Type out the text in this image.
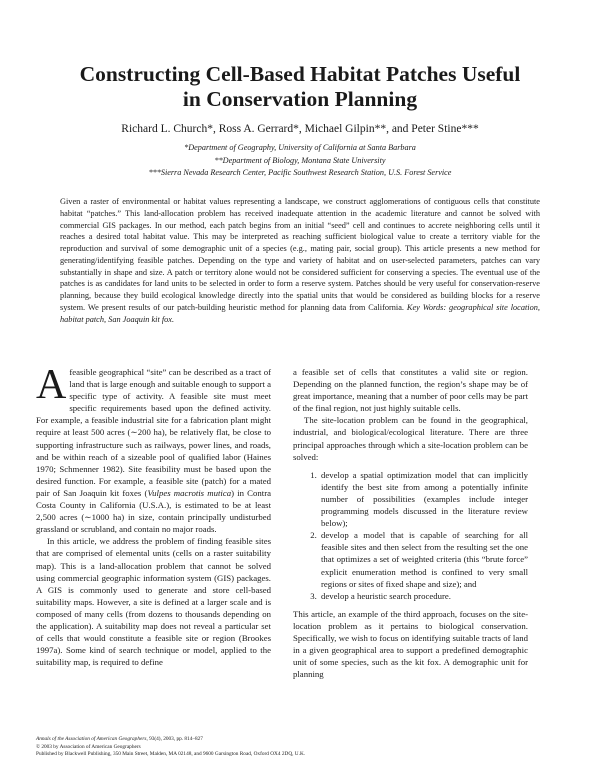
Constructing Cell-Based Habitat Patches Useful
in Conservation Planning

Richard L. Church*, Ross A. Gerrard*, Michael Gilpin**, and Peter Stine***

*Department of Geography, University of California at Santa Barbara
**Department of Biology, Montana State University
***Sierra Nevada Research Center, Pacific Southwest Research Station, U.S. Forest Service

Given a raster of environmental or habitat values representing a landscape, we construct agglomerations of contiguous cells that constitute habitat “patches.” This land-allocation problem has received inadequate attention in the academic literature and cannot be solved with commercial GIS packages. In our method, each patch begins from an initial “seed” cell and continues to accrete neighboring cells until it reaches a desired total habitat value. This may be interpreted as reaching sufficient biological value to create a territory viable for the reproduction and survival of some demographic unit of a species (e.g., mating pair, social group). This article presents a new method for generating/identifying feasible patches. Depending on the type and variety of habitat and on user-selected parameters, patches can vary substantially in shape and size. A patch or territory alone would not be considered sufficient for conserving a species. The eventual use of the patches is as candidates for land units to be selected in order to form a reserve system. Patches should be very useful for conservation-reserve planning, because they build ecological knowledge directly into the spatial units that would be considered as building blocks for a reserve system. We present results of our patch-building heuristic method for planning data from California. Key Words: geographical site location, habitat patch, San Joaquin kit fox.

Afeasible geographical “site” can be described as a tract of land that is large enough and suitable enough to support a specific type of activity. A feasible site must meet specific requirements based upon the defined activity. For example, a feasible industrial site for a fabrication plant might require at least 500 acres (∼200 ha), be relatively flat, be close to supporting infrastructure such as railways, power lines, and roads, and be within reach of a sizeable pool of qualified labor (Haines 1970; Schmenner 1982). Site feasibility must be based upon the desired function. For example, a feasible site (patch) for a mated pair of San Joaquin kit foxes (Vulpes macrotis mutica) in Contra Costa County in California (U.S.A.), is estimated to be at least 2,500 acres (∼1000 ha) in size, contain principally undisturbed grassland or scrubland, and contain no major roads.

In this article, we address the problem of finding feasible sites that are comprised of elemental units (cells on a raster suitability map). This is a land-allocation problem that cannot be solved using commercial geographic information system (GIS) packages. A GIS is commonly used to generate and store cell-based suitability maps. However, a site is defined at a larger scale and is composed of many cells (from dozens to thousands depending on the application). A suitability map does not reveal a particular set of cells that would constitute a feasible site or region (Brookes 1997a). Some kind of search technique or model, applied to the suitability map, is required to define

a feasible set of cells that constitutes a valid site or region. Depending on the planned function, the region’s shape may be of great importance, meaning that a number of poor cells may be part of the final region, not just highly suitable cells.

The site-location problem can be found in the geographical, industrial, and biological/ecological literature. There are three principal approaches through which a site-location problem can be solved:

1. develop a spatial optimization model that can implicitly identify the best site from among a potentially infinite number of possibilities (examples include integer programming models discussed in the literature review below);
2. develop a model that is capable of searching for all feasible sites and then select from the resulting set the one that optimizes a set of weighted criteria (this “brute force” explicit enumeration method is confined to very small regions or sites of fixed shape and size); and
3. develop a heuristic search procedure.

This article, an example of the third approach, focuses on the site-location problem as it pertains to biological conservation. Specifically, we wish to focus on identifying suitable tracts of land in a given geographical area to support a predefined demographic unit of some species, such as the kit fox. A demographic unit for planning

Annals of the Association of American Geographers, 93(4), 2003, pp. 814–827
© 2003 by Association of American Geographers
Published by Blackwell Publishing, 350 Main Street, Malden, MA 02148, and 9600 Garsington Road, Oxford OX4 2DQ, U.K.
